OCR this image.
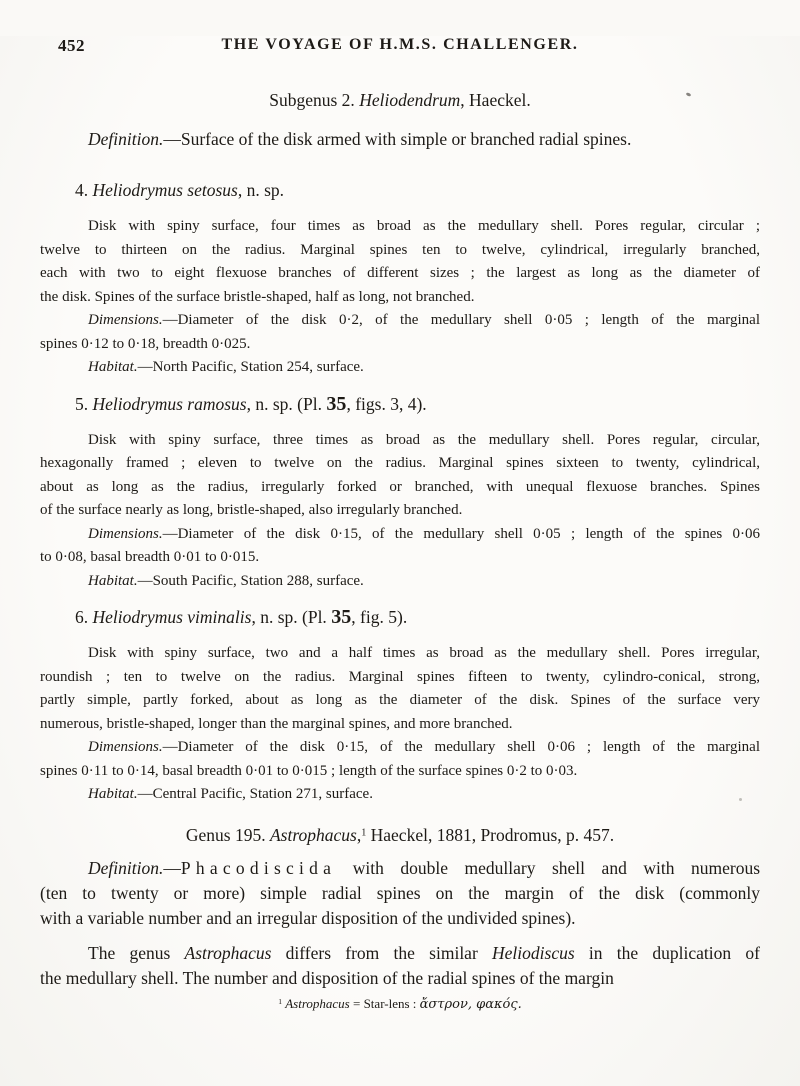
452	THE VOYAGE OF H.M.S. CHALLENGER.
Subgenus 2. Heliodendrum, Haeckel.
Definition.—Surface of the disk armed with simple or branched radial spines.
4. Heliodrymus setosus, n. sp.
Disk with spiny surface, four times as broad as the medullary shell. Pores regular, circular ;
twelve to thirteen on the radius. Marginal spines ten to twelve, cylindrical, irregularly branched,
each with two to eight flexuose branches of different sizes ; the largest as long as the diameter of
the disk. Spines of the surface bristle-shaped, half as long, not branched.
Dimensions.—Diameter of the disk 0·2, of the medullary shell 0·05 ; length of the marginal
spines 0·12 to 0·18, breadth 0·025.
Habitat.—North Pacific, Station 254, surface.
5. Heliodrymus ramosus, n. sp. (Pl. 35, figs. 3, 4).
Disk with spiny surface, three times as broad as the medullary shell. Pores regular, circular,
hexagonally framed ; eleven to twelve on the radius. Marginal spines sixteen to twenty, cylindrical,
about as long as the radius, irregularly forked or branched, with unequal flexuose branches. Spines
of the surface nearly as long, bristle-shaped, also irregularly branched.
Dimensions.—Diameter of the disk 0·15, of the medullary shell 0·05 ; length of the spines 0·06
to 0·08, basal breadth 0·01 to 0·015.
Habitat.—South Pacific, Station 288, surface.
6. Heliodrymus viminalis, n. sp. (Pl. 35, fig. 5).
Disk with spiny surface, two and a half times as broad as the medullary shell. Pores irregular,
roundish ; ten to twelve on the radius. Marginal spines fifteen to twenty, cylindro-conical, strong,
partly simple, partly forked, about as long as the diameter of the disk. Spines of the surface very
numerous, bristle-shaped, longer than the marginal spines, and more branched.
Dimensions.—Diameter of the disk 0·15, of the medullary shell 0·06 ; length of the marginal
spines 0·11 to 0·14, basal breadth 0·01 to 0·015 ; length of the surface spines 0·2 to 0·03.
Habitat.—Central Pacific, Station 271, surface.
Genus 195. Astrophacus,$^1$ Haeckel, 1881, Prodromus, p. 457.
Definition.—Phacodiscida with double medullary shell and with numerous
(ten to twenty or more) simple radial spines on the margin of the disk (commonly
with a variable number and an irregular disposition of the undivided spines).
The genus Astrophacus differs from the similar Heliodiscus in the duplication of
the medullary shell. The number and disposition of the radial spines of the margin
$^1$ Astrophacus = Star-lens : ἄστρον, φακός.
